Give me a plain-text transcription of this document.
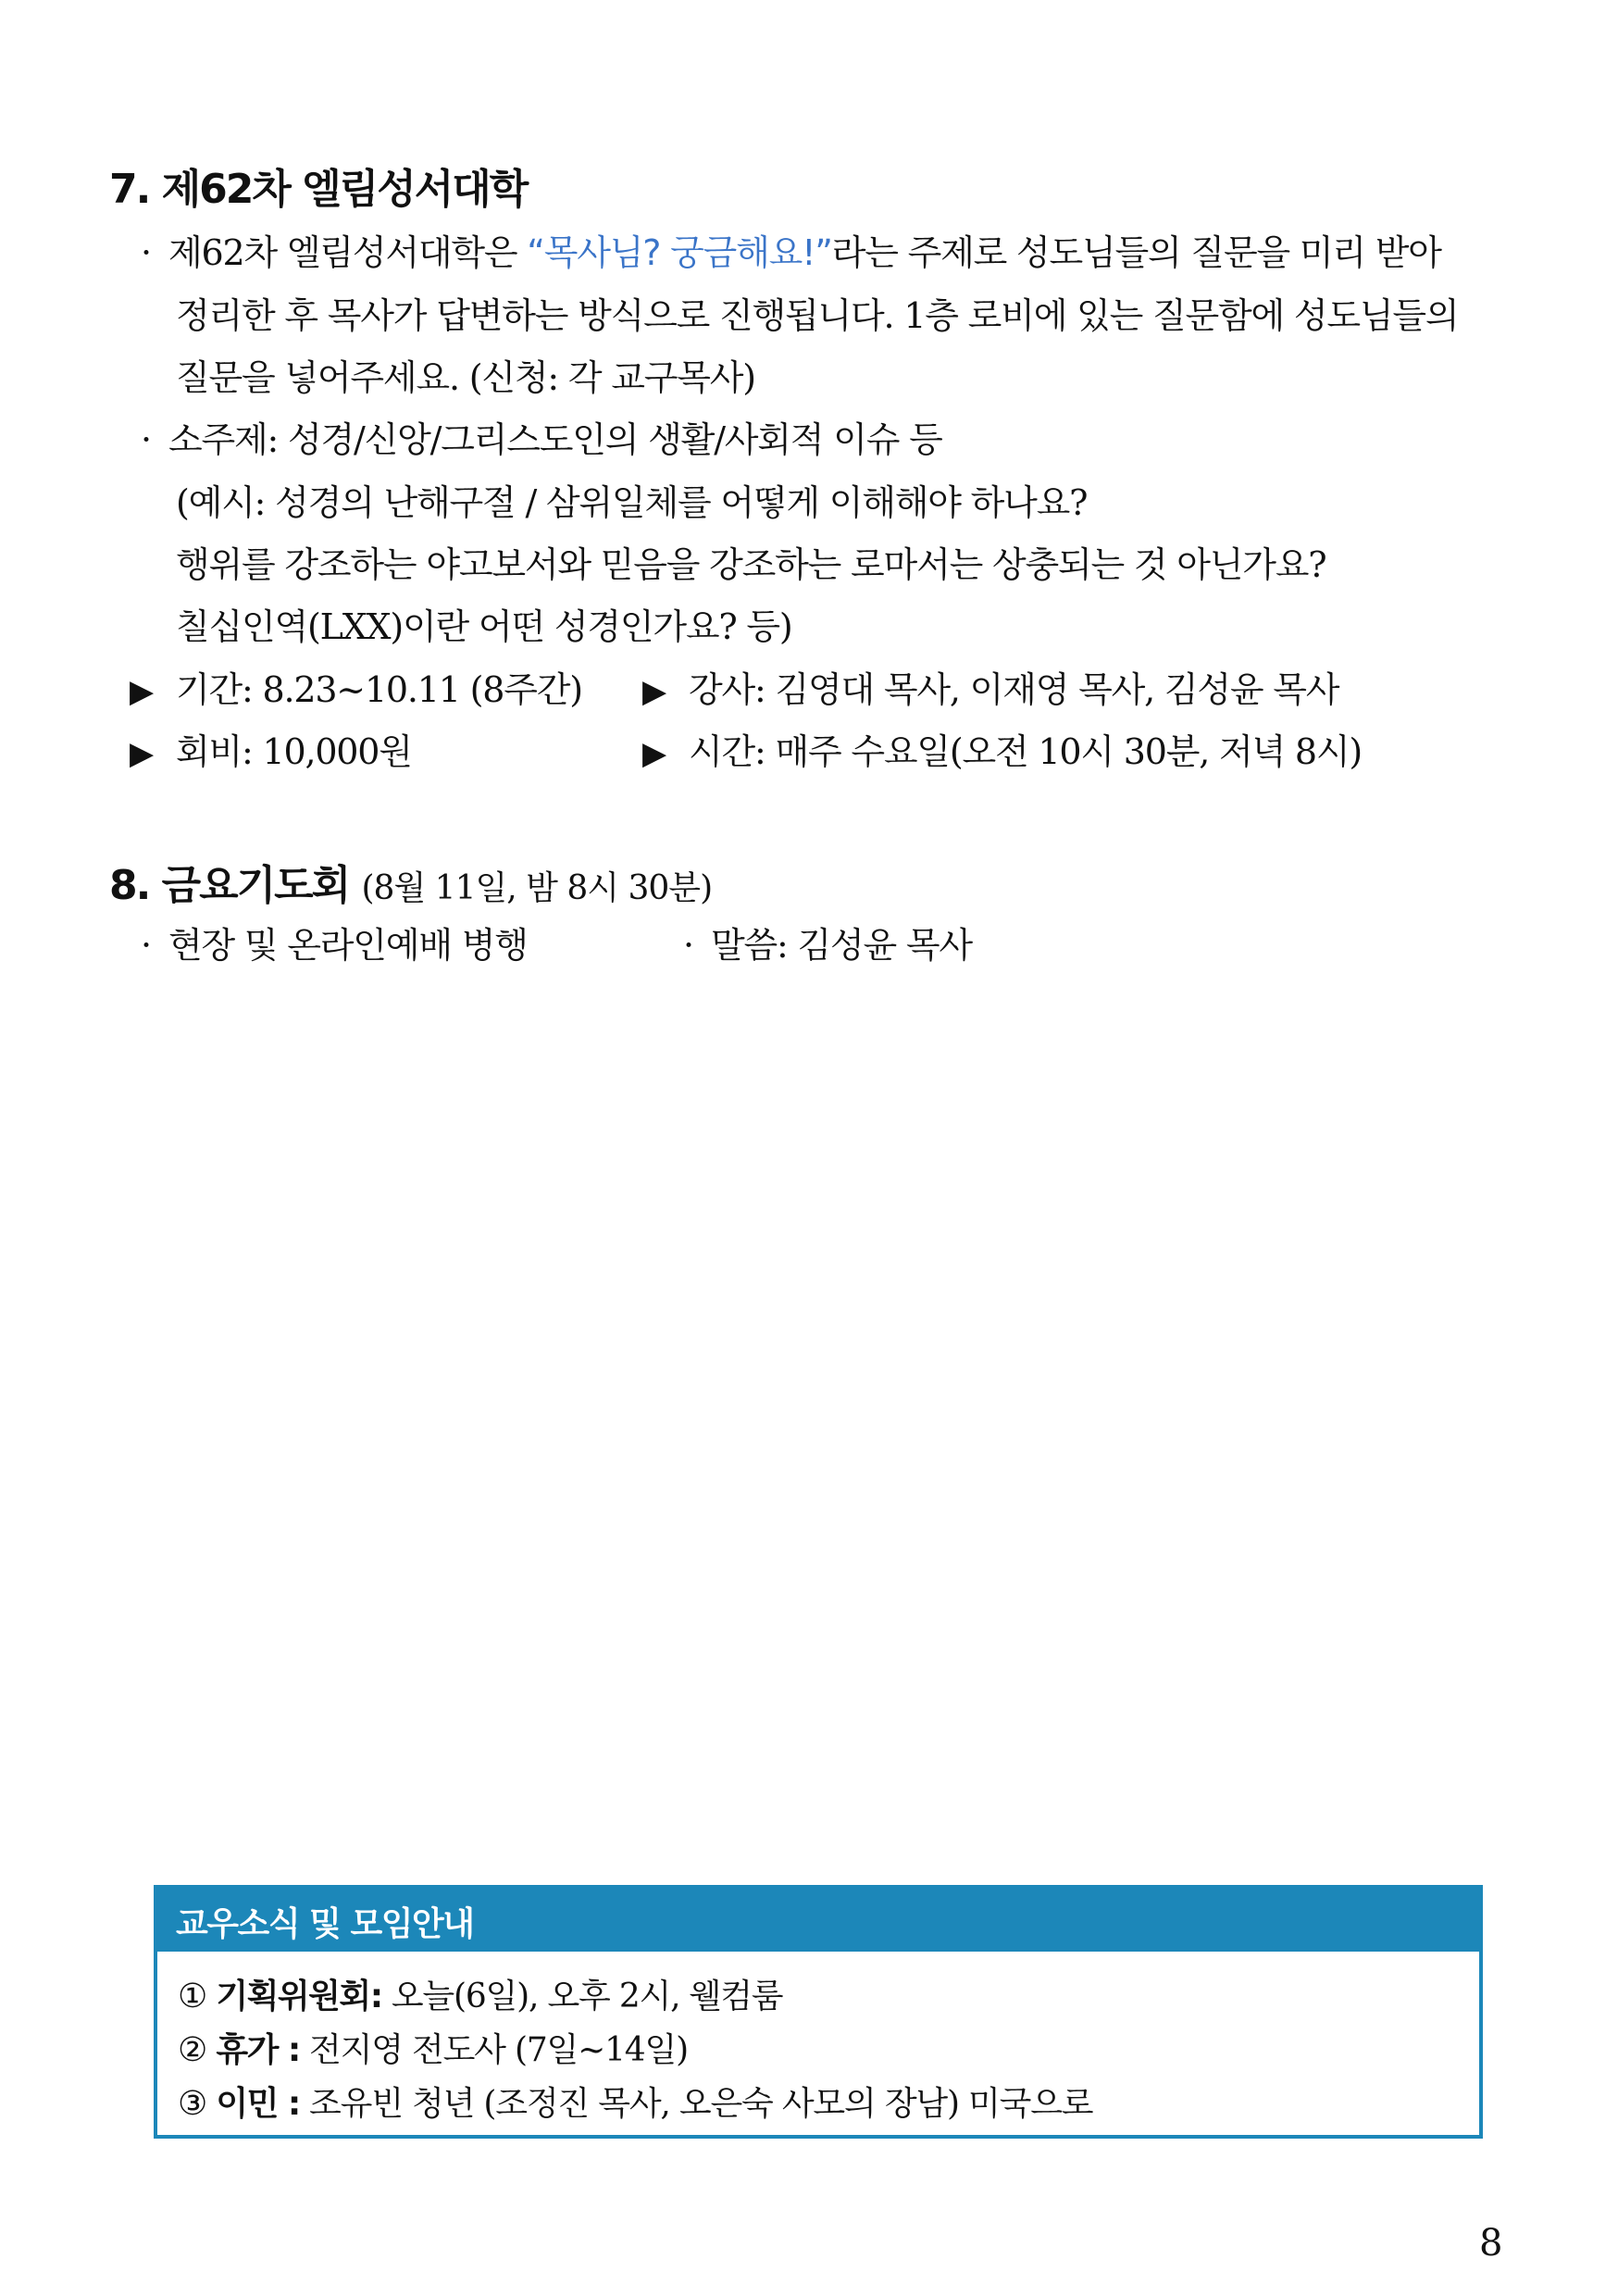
7. 제62차 엘림성서대학
· 제62차 엘림성서대학은 “목사님? 궁금해요!”라는 주제로 성도님들의 질문을 미리 받아
정리한 후 목사가 답변하는 방식으로 진행됩니다. 1층 로비에 있는 질문함에 성도님들의
질문을 넣어주세요. (신청: 각 교구목사)
· 소주제: 성경/신앙/그리스도인의 생활/사회적 이슈 등
(예시: 성경의 난해구절 / 삼위일체를 어떻게 이해해야 하나요?
행위를 강조하는 야고보서와 믿음을 강조하는 로마서는 상충되는 것 아닌가요?
칠십인역(LXX)이란 어떤 성경인가요? 등)
▶ 기간: 8.23~10.11 (8주간) ▶ 강사: 김영대 목사, 이재영 목사, 김성윤 목사
▶ 회비: 10,000원	▶ 시간: 매주 수요일(오전 10시 30분, 저녁 8시)
8. 금요기도회 (8월 11일, 밤 8시 30분)
· 현장 및 온라인예배 병행	· 말씀: 김성윤 목사
교우소식 및 모임안내
① 기획위원회: 오늘(6일), 오후 2시, 웰컴룸
② 휴가 : 전지영 전도사 (7일~14일)
③ 이민 : 조유빈 청년 (조정진 목사, 오은숙 사모의 장남) 미국으로
8
